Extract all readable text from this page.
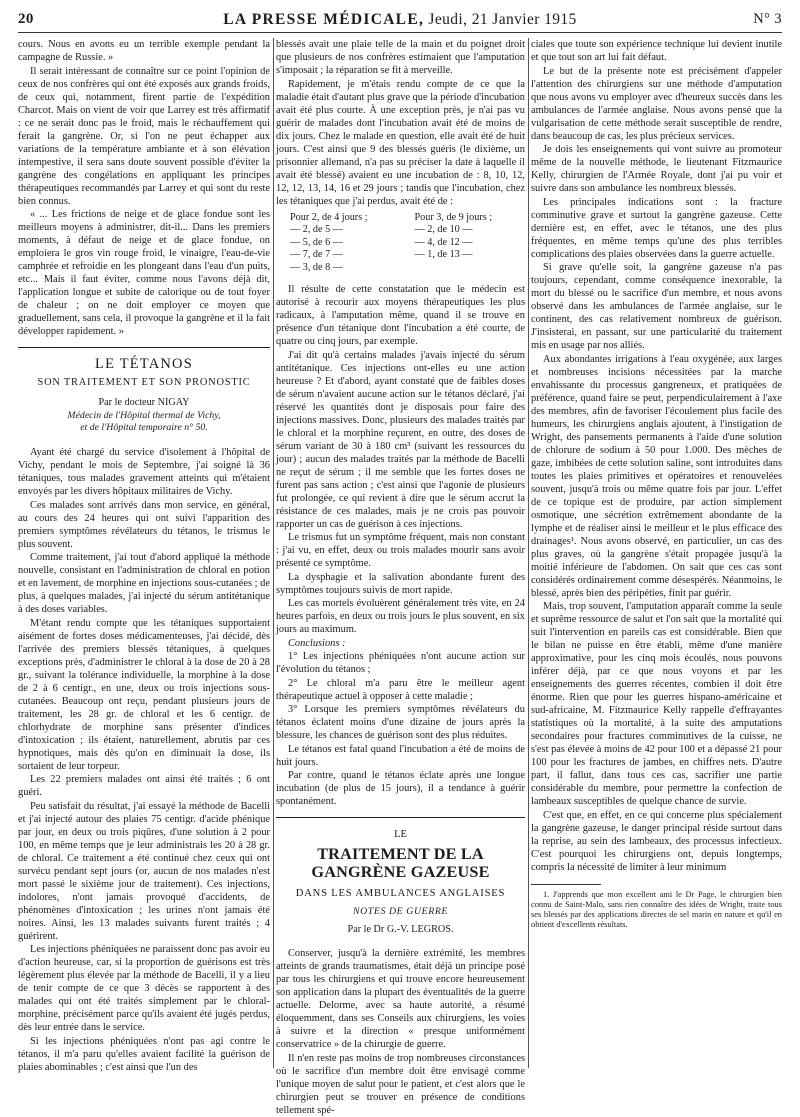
20	LA PRESSE MÉDICALE, Jeudi, 21 Janvier 1915	N° 3

cours. Nous en avons eu un terrible exemple pendant la campagne de Russie. »

Il serait intéressant de connaître sur ce point l'opinion de ceux de nos confrères qui ont été exposés aux grands froids, de ceux qui, notamment, firent partie de l'expédition Charcot. Mais on vient de voir que Larrey est très affirmatif : ce ne serait donc pas le froid, mais le réchauffement qui ferait la gangrène. Or, si l'on ne peut échapper aux variations de la température ambiante et à son élévation intempestive, il sera sans doute souvent possible d'éviter la gangrène des congélations en appliquant les principes thérapeutiques recommandés par Larrey et qui sont du reste bien connus.

« ... Les frictions de neige et de glace fondue sont les meilleurs moyens à administrer, dit-il... Dans les premiers moments, à défaut de neige et de glace fondue, on emploiera le gros vin rouge froid, le vinaigre, l'eau-de-vie camphrée et refroidie en les plongeant dans l'eau d'un puits, etc... Mais il faut éviter, comme nous l'avons déjà dit, l'application longue et subite de calorique ou de tout foyer de chaleur ; on ne doit employer ce moyen que graduellement, sans cela, il provoque la gangrène et il la fait développer rapidement. »

LE TÉTANOS
SON TRAITEMENT ET SON PRONOSTIC
Par le docteur NIGAY
Médecin de l'Hôpital thermal de Vichy,
et de l'Hôpital temporaire n° 50.

Ayant été chargé du service d'isolement à l'hôpital de Vichy, pendant le mois de Septembre, j'ai soigné là 36 tétaniques, tous malades gravement atteints qui m'étaient envoyés par les divers hôpitaux militaires de Vichy.

Ces malades sont arrivés dans mon service, en général, au cours des 24 heures qui ont suivi l'apparition des premiers symptômes révélateurs du tétanos, le trismus le plus souvent.

Comme traitement, j'ai tout d'abord appliqué la méthode nouvelle, consistant en l'administration de chloral en potion et en lavement, de morphine en injections sous-cutanées ; de plus, à quelques malades, j'ai injecté du sérum antitétanique à des doses variables.

M'étant rendu compte que les tétaniques supportaient aisément de fortes doses médicamenteuses, j'ai décidé, dès l'arrivée des premiers blessés tétaniques, à quelques exceptions près, d'administrer le chloral à la dose de 20 à 28 gr., suivant la tolérance individuelle, la morphine à la dose de 2 à 6 centigr., en une, deux ou trois injections sous-cutanées. Beaucoup ont reçu, pendant plusieurs jours de traitement, les 28 gr. de chloral et les 6 centigr. de chlorhydrate de morphine sans présenter d'indices d'intoxication ; ils étaient, naturellement, abrutis par ces hypnotiques, mais dès qu'on en diminuait la dose, ils sortaient de leur torpeur.

Les 22 premiers malades ont ainsi été traités ; 6 ont guéri.

Peu satisfait du résultat, j'ai essayé la méthode de Bacelli et j'ai injecté autour des plaies 75 centigr. d'acide phénique par jour, en deux ou trois piqûres, d'une solution à 2 pour 100, en même temps que je leur administrais les 20 à 28 gr. de chloral. Ce traitement a été continué chez ceux qui ont survécu pendant sept jours (or, aucun de nos malades n'est mort passé le sixième jour de traitement). Ces injections, indolores, n'ont jamais provoqué d'accidents, de phénomènes d'intoxication ; les urines n'ont jamais été noires. Ainsi, les 13 malades suivants furent traités ; 4 guérirent.

Les injections phéniquées ne paraissent donc pas avoir eu d'action heureuse, car, si la proportion de guérisons est très légèrement plus élevée par la méthode de Bacelli, il y a lieu de tenir compte de ce que 3 décès se rapportent à des malades qui ont été traités simplement par le chloral-morphine, précisément parce qu'ils avaient été jugés perdus, dès leur entrée dans le service.

Si les injections phéniquées n'ont pas agi contre le tétanos, il m'a paru qu'elles avaient facilité la guérison de plaies abominables ; c'est ainsi que l'un des

blessés avait une plaie telle de la main et du poignet droit que plusieurs de nos confrères estimaient que l'amputation s'imposait ; la réparation se fit à merveille.

Rapidement, je m'étais rendu compte de ce que la maladie était d'autant plus grave que la période d'incubation avait été plus courte. À une exception près, je n'ai pas vu guérir de malades dont l'incubation avait été de moins de dix jours. Chez le malade en question, elle avait été de huit jours. C'est ainsi que 9 des blessés guéris (le dixième, un prisonnier allemand, n'a pas su préciser la date à laquelle il avait été blessé) avaient eu une incubation de : 8, 10, 12, 12, 12, 13, 14, 16 et 29 jours ; tandis que l'incubation, chez les tétaniques que j'ai perdus, avait été de :

Pour 2, de 4 jours ;	Pour 3, de 9 jours ;
— 2, de 5 —	— 2, de 10 —
— 5, de 6 —	— 4, de 12 —
— 7, de 7 —	— 1, de 13 —
— 3, de 8 —

Il résulte de cette constatation que le médecin est autorisé à recourir aux moyens thérapeutiques les plus radicaux, à l'amputation même, quand il se trouve en présence d'un tétanique dont l'incubation a été courte, de quatre ou cinq jours, par exemple.

J'ai dit qu'à certains malades j'avais injecté du sérum antitétanique. Ces injections ont-elles eu une action heureuse ? Et d'abord, ayant constaté que de faibles doses de sérum n'avaient aucune action sur le tétanos déclaré, j'ai réservé les quantités dont je disposais pour faire des injections massives. Donc, plusieurs des malades traités par le chloral et la morphine reçurent, en outre, des doses de sérum variant de 30 à 180 cm³ (suivant les ressources du jour) ; aucun des malades traités par la méthode de Bacelli ne reçut de sérum ; il me semble que les fortes doses ne furent pas sans action ; c'est ainsi que l'agonie de plusieurs fut prolongée, ce qui revient à dire que le sérum accrut la résistance de ces malades, mais je ne crois pas pouvoir rapporter un cas de guérison à ces injections.

Le trismus fut un symptôme fréquent, mais non constant : j'ai vu, en effet, deux ou trois malades mourir sans avoir présenté ce symptôme.

La dysphagie et la salivation abondante furent des symptômes toujours suivis de mort rapide.

Les cas mortels évoluèrent généralement très vite, en 24 heures parfois, en deux ou trois jours le plus souvent, en six jours au maximum.

Conclusions :

1° Les injections phéniquées n'ont aucune action sur l'évolution du tétanos ;

2° Le chloral m'a paru être le meilleur agent thérapeutique actuel à opposer à cette maladie ;

3° Lorsque les premiers symptômes révélateurs du tétanos éclatent moins d'une dizaine de jours après la blessure, les chances de guérison sont des plus réduites.

Le tétanos est fatal quand l'incubation a été de moins de huit jours.

Par contre, quand le tétanos éclate après une longue incubation (de plus de 15 jours), il a tendance à guérir spontanément.

LE
TRAITEMENT DE LA GANGRÈNE GAZEUSE
DANS LES AMBULANCES ANGLAISES
NOTES DE GUERRE
Par le Dr G.-V. LEGROS.

Conserver, jusqu'à la dernière extrémité, les membres atteints de grands traumatismes, était déjà un principe posé par tous les chirurgiens et qui trouve encore heureusement son application dans la plupart des éventualités de la guerre actuelle. Delorme, avec sa haute autorité, a résumé éloquemment, dans ses Conseils aux chirurgiens, les voies à suivre et la direction « presque uniformément conservatrice » de la chirurgie de guerre.

Il n'en reste pas moins de trop nombreuses circonstances où le sacrifice d'un membre doit être envisagé comme l'unique moyen de salut pour le patient, et c'est alors que le chirurgien peut se trouver en présence de conditions tellement spé-

ciales que toute son expérience technique lui devient inutile et que tout son art lui fait défaut.

Le but de la présente note est précisément d'appeler l'attention des chirurgiens sur une méthode d'amputation que nous avons vu employer avec d'heureux succès dans les ambulances de l'armée anglaise. Nous avons pensé que la vulgarisation de cette méthode serait susceptible de rendre, dans beaucoup de cas, les plus précieux services.

Je dois les enseignements qui vont suivre au promoteur même de la nouvelle méthode, le lieutenant Fitzmaurice Kelly, chirurgien de l'Armée Royale, dont j'ai pu voir et suivre dans son ambulance les nombreux blessés.

Les principales indications sont : la fracture comminutive grave et surtout la gangrène gazeuse. Cette dernière est, en effet, avec le tétanos, une des plus fréquentes, en même temps qu'une des plus terribles complications des plaies observées dans la guerre actuelle.

Si grave qu'elle soit, la gangrène gazeuse n'a pas toujours, cependant, comme conséquence inexorable, la mort du blessé ou le sacrifice d'un membre, et nous avons observé dans les ambulances de l'armée anglaise, sur le continent, des cas relativement nombreux de guérison. J'insisterai, en passant, sur une particularité du traitement mis en usage par nos alliés.

Aux abondantes irrigations à l'eau oxygénée, aux larges et nombreuses incisions nécessitées par la marche envahissante du processus gangreneux, et pratiquées de préférence, quand faire se peut, perpendiculairement à l'axe des membres, afin de favoriser l'écoulement plus facile des humeurs, les chirurgiens anglais ajoutent, à l'instigation de Wright, des pansements permanents à l'aide d'une solution de chlorure de sodium à 50 pour 1.000. Des mèches de gaze, imbibées de cette solution saline, sont introduites dans toutes les plaies primitives et opératoires et renouvelées souvent, jusqu'à trois ou même quatre fois par jour. L'effet de ce topique est de produire, par action simplement osmotique, une sécrétion extrêmement abondante de la lymphe et de réaliser ainsi le meilleur et le plus efficace des drainages¹. Nous avons observé, en particulier, un cas des plus graves, où la gangrène s'était propagée jusqu'à la moitié inférieure de l'abdomen. On sait que ces cas sont considérés ordinairement comme désespérés. Néanmoins, le blessé, après bien des péripéties, finit par guérir.

Mais, trop souvent, l'amputation apparaît comme la seule et suprême ressource de salut et l'on sait que la mortalité qui suit l'intervention en pareils cas est considérable. Bien que le bilan ne puisse en être établi, même d'une manière approximative, pour les cinq mois écoulés, nous pouvons inférer déjà, par ce que nous voyons et par les enseignements des guerres récentes, combien il doit être énorme. Rien que pour les guerres hispano-américaine et sud-africaine, M. Fitzmaurice Kelly rappelle d'effrayantes statistiques où la mortalité, à la suite des amputations secondaires pour fractures comminutives de la cuisse, ne s'est pas élevée à moins de 42 pour 100 et a dépassé 21 pour 100 pour les fractures de jambes, en chiffres nets. D'autre part, il fallut, dans tous ces cas, sacrifier une partie considérable du membre, pour permettre la confection de lambeaux susceptibles de quelque chance de survie.

C'est que, en effet, en ce qui concerne plus spécialement la gangrène gazeuse, le danger principal réside surtout dans la reprise, au sein des lambeaux, des processus infectieux. C'est pourquoi les chirurgiens ont, depuis longtemps, compris la nécessité de limiter à leur minimum

1. J'apprends que mon excellent ami le Dr Page, le chirurgien bien connu de Saint-Malo, sans rien connaître des idées de Wright, traite tous ses blessés par des applications directes de sel marin en nature et qu'il en obtient d'excellents résultats.
